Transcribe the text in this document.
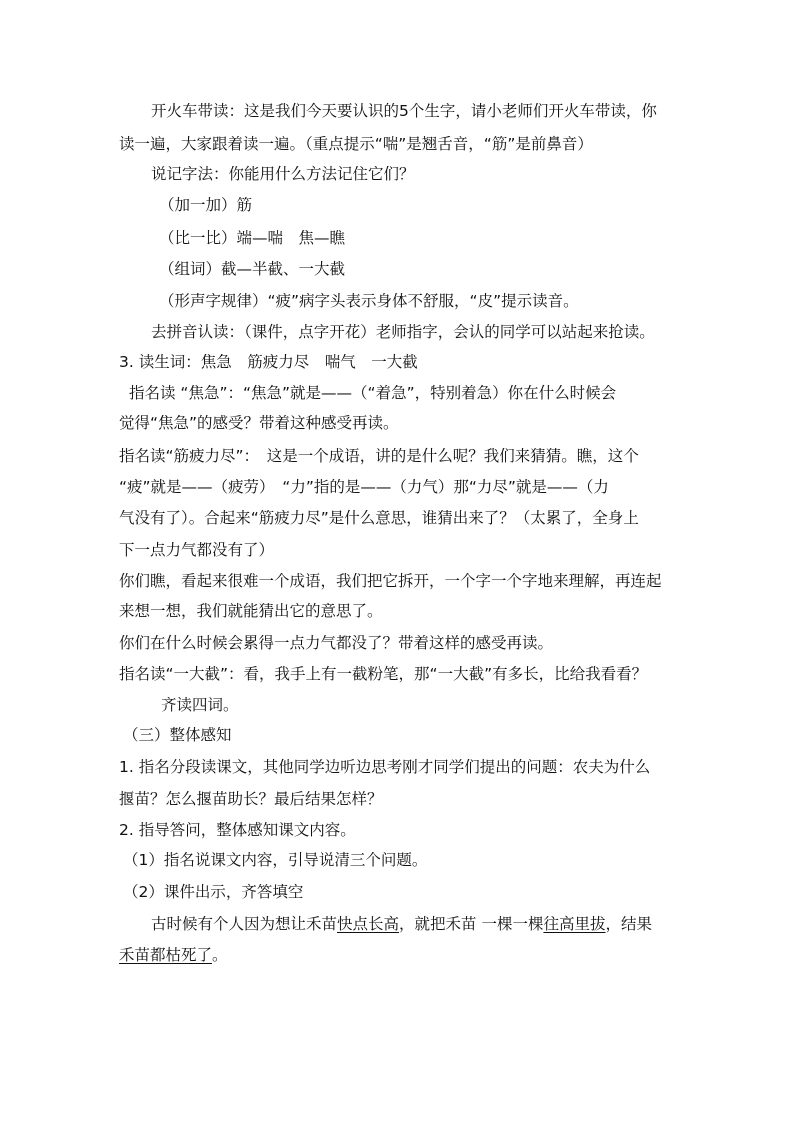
开火车带读：这是我们今天要认识的5个生字，请小老师们开火车带读，你

读一遍，大家跟着读一遍。（重点提示“喘”是翘舌音，“筋”是前鼻音）

说记字法：你能用什么方法记住它们？

（加一加）筋

（比一比）端—喘　焦—瞧

（组词）截—半截、一大截

（形声字规律）“疲”病字头表示身体不舒服，“皮”提示读音。

去拼音认读：（课件，点字开花）老师指字，会认的同学可以站起来抢读。

3. 读生词：焦急　筋疲力尽　喘气　一大截

指名读 “焦急”：“焦急”就是——（“着急”，特别着急）你在什么时候会

觉得“焦急”的感受？带着这种感受再读。

指名读“筋疲力尽”：　这是一个成语，讲的是什么呢？我们来猜猜。瞧，这个

“疲”就是——（疲劳）　“力”指的是——（力气）那“力尽”就是——（力

气没有了）。合起来“筋疲力尽”是什么意思，谁猜出来了？（太累了，全身上

下一点力气都没有了）

你们瞧，看起来很难一个成语，我们把它拆开，一个字一个字地来理解，再连起

来想一想，我们就能猜出它的意思了。

你们在什么时候会累得一点力气都没了？带着这样的感受再读。

指名读“一大截”：看，我手上有一截粉笔，那“一大截”有多长，比给我看看？

齐读四词。

（三）整体感知

1. 指名分段读课文，其他同学边听边思考刚才同学们提出的问题：农夫为什么

揠苗？怎么揠苗助长？最后结果怎样？

2. 指导答问，整体感知课文内容。

（1）指名说课文内容，引导说清三个问题。

（2）课件出示，齐答填空

古时候有个人因为想让禾苗快点长高，就把禾苗 一棵一棵往高里拔，结果

禾苗都枯死了。
